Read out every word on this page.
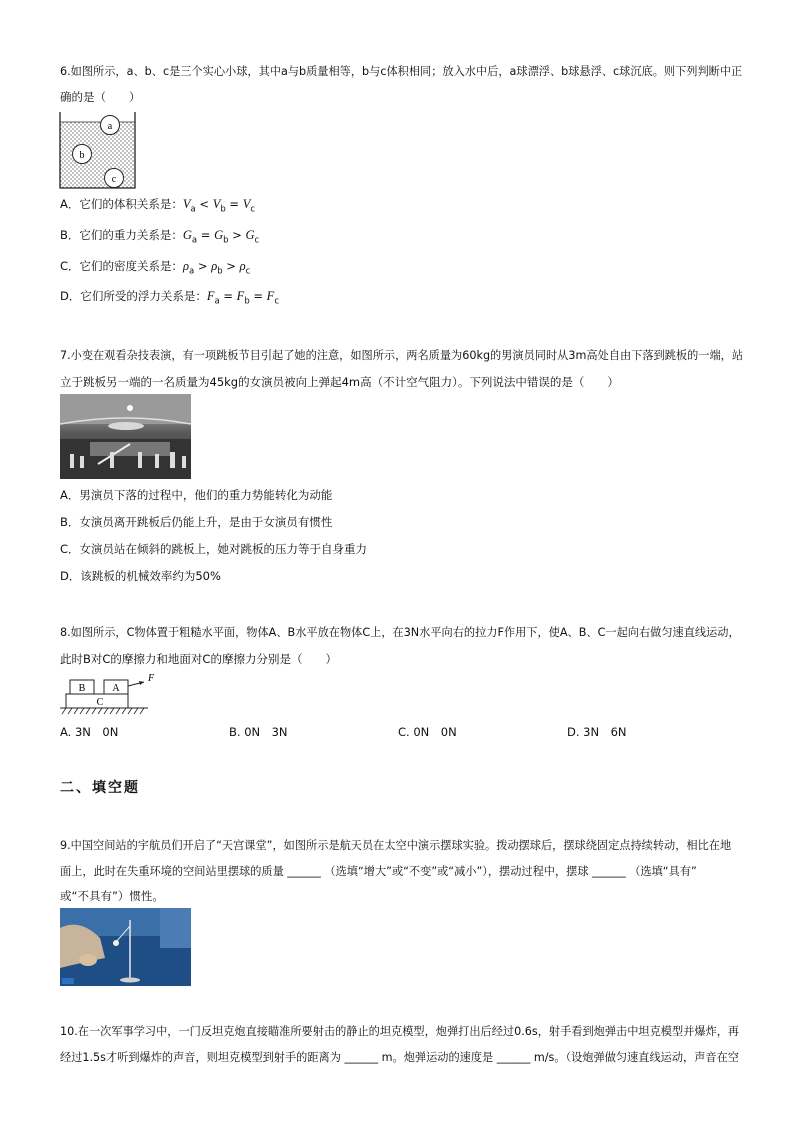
6.如图所示，a、b、c是三个实心小球，其中a与b质量相等，b与c体积相同；放入水中后，a球漂浮、b球悬浮、c球沉底。则下列判断中正
确的是（　　）
a
b
c
A．它们的体积关系是：$V_a < V_b = V_c$
B．它们的重力关系是：$G_a = G_b > G_c$
C．它们的密度关系是：$\rho_a > \rho_b > \rho_c$
D．它们所受的浮力关系是：$F_a = F_b = F_c$
7.小变在观看杂技表演，有一项跳板节目引起了她的注意，如图所示，两名质量为60kg的男演员同时从3m高处自由下落到跳板的一端，站
立于跳板另一端的一名质量为45kg的女演员被向上弹起4m高（不计空气阻力）。下列说法中错误的是（　　）
A．男演员下落的过程中，他们的重力势能转化为动能
B．女演员离开跳板后仍能上升，是由于女演员有惯性
C．女演员站在倾斜的跳板上，她对跳板的压力等于自身重力
D．该跳板的机械效率约为50%
8.如图所示，C物体置于粗糙水平面，物体A、B水平放在物体C上，在3N水平向右的拉力F作用下，使A、B、C一起向右做匀速直线运动，
此时B对C的摩擦力和地面对C的摩擦力分别是（　　）
B	A
F
C
A. 3N　0N	B. 0N　3N	C. 0N　0N	D. 3N　6N
二、填空题
9.中国空间站的宇航员们开启了“天宫课堂”，如图所示是航天员在太空中演示摆球实验。拨动摆球后，摆球绕固定点持续转动，相比在地
面上，此时在失重环境的空间站里摆球的质量 ______ （选填“增大”或“不变”或“减小”），摆动过程中，摆球 ______ （选填“具有”
或“不具有”）惯性。
10.在一次军事学习中，一门反坦克炮直接瞄准所要射击的静止的坦克模型，炮弹打出后经过0.6s，射手看到炮弹击中坦克模型并爆炸，再
经过1.5s才听到爆炸的声音，则坦克模型到射手的距离为 ______ m。炮弹运动的速度是 ______ m/s。（设炮弹做匀速直线运动，声音在空
